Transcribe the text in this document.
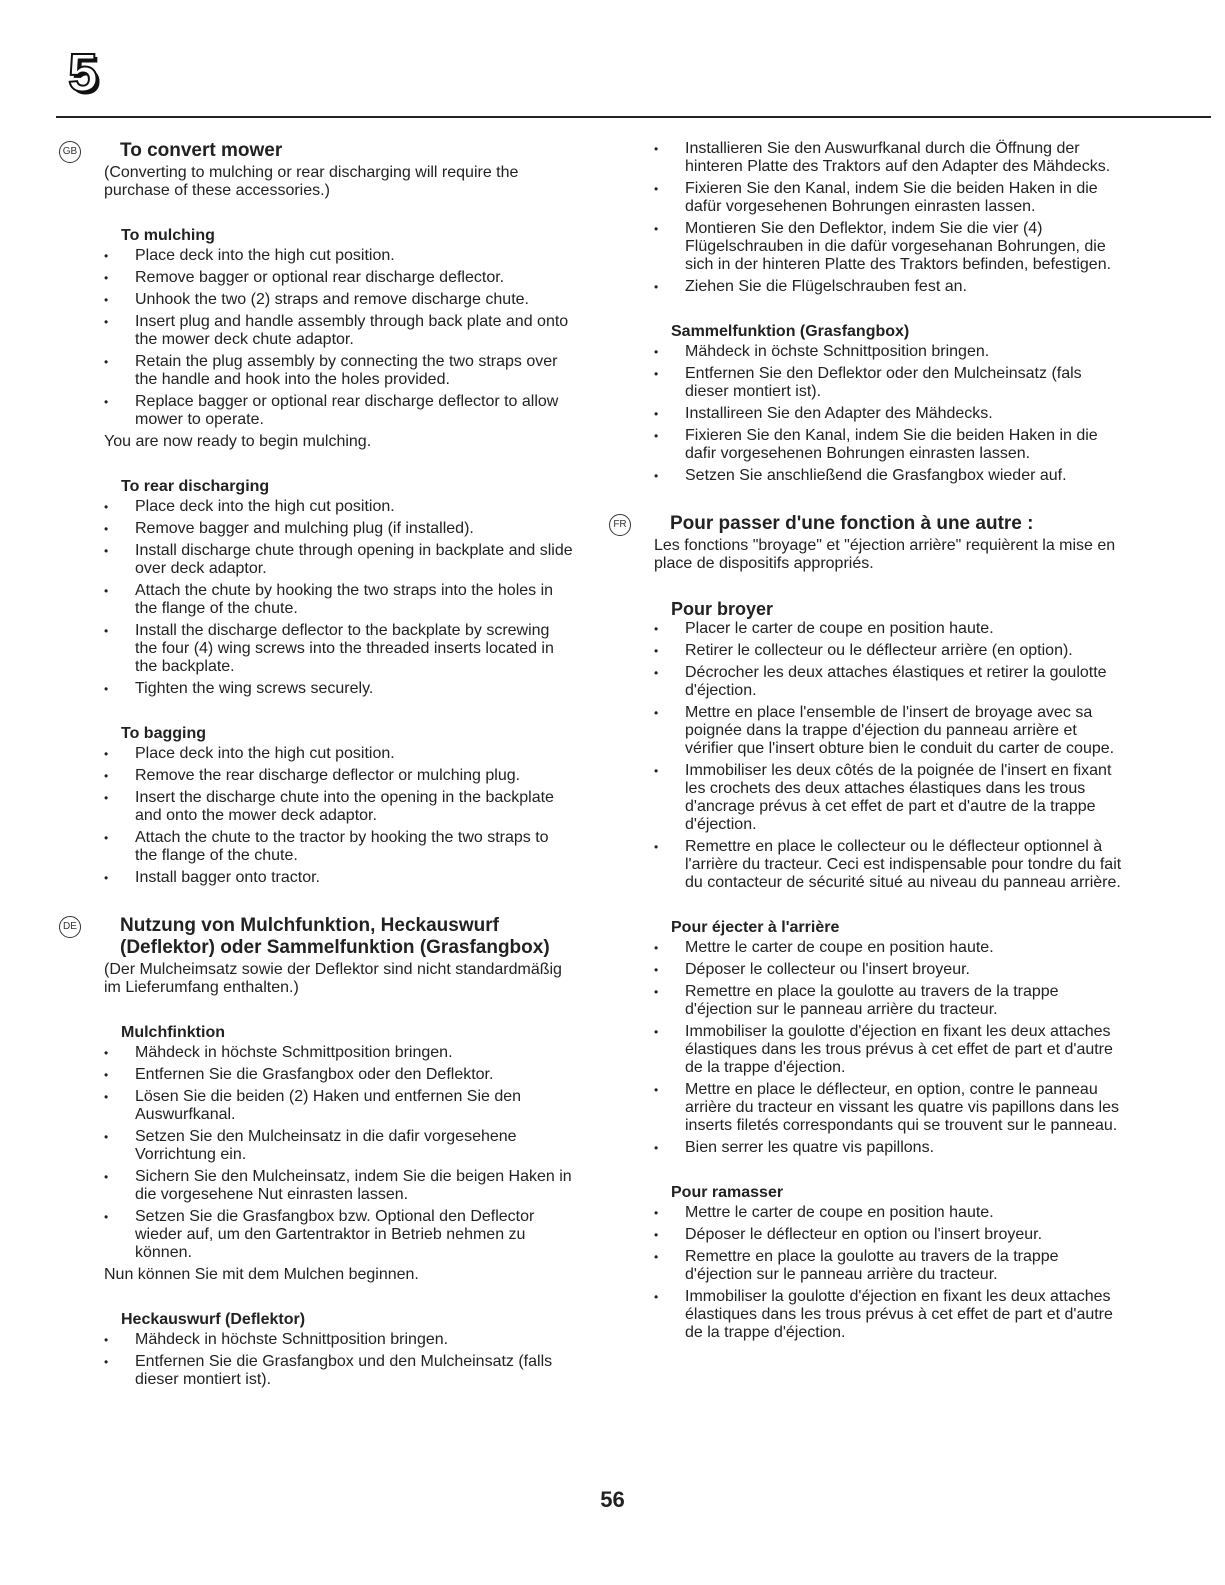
5
GB To convert mower

(Converting to mulching or rear discharging will require the purchase of these accessories.)

To mulching
• Place deck into the high cut position.
• Remove bagger or optional rear discharge deflector.
• Unhook the two (2) straps and remove discharge chute.
• Insert plug and handle assembly through back plate and onto the mower deck chute adaptor.
• Retain the plug assembly by connecting the two straps over the handle and hook into the holes provided.
• Replace bagger or optional rear discharge deflector to allow mower to operate.

You are now ready to begin mulching.

To rear discharging
• Place deck into the high cut position.
• Remove bagger and mulching plug (if installed).
• Install discharge chute through opening in backplate and slide over deck adaptor.
• Attach the chute by hooking the two straps into the holes in the flange of the chute.
• Install the discharge deflector to the backplate by screwing the four (4) wing screws into the threaded inserts located in the backplate.
• Tighten the wing screws securely.
To bagging
• Place deck into the high cut position.
• Remove the rear discharge deflector or mulching plug.
• Insert the discharge chute into the opening in the backplate and onto the mower deck adaptor.
• Attach the chute to the tractor by hooking the two straps to the flange of the chute.
• Install bagger onto tractor.
DE Nutzung von Mulchfunktion, Heckauswurf (Deflektor) oder Sammelfunktion (Grasfangbox)

(Der Mulcheimsatz sowie der Deflektor sind nicht standardmäßig im Lieferumfang enthalten.)

Mulchfinktion
• Mähdeck in höchste Schmittposition bringen.
• Entfernen Sie die Grasfangbox oder den Deflektor.
• Lösen Sie die beiden (2) Haken und entfernen Sie den Auswurfkanal.
• Setzen Sie den Mulcheinsatz in die dafir vorgesehene Vorrichtung ein.
• Sichern Sie den Mulcheinsatz, indem Sie die beigen Haken in die vorgesehene Nut einrasten lassen.
• Setzen Sie die Grasfangbox bzw. Optional den Deflector wieder auf, um den Gartentraktor in Betrieb nehmen zu können.

Nun können Sie mit dem Mulchen beginnen.

Heckauswurf (Deflektor)
• Mähdeck in höchste Schnittposition bringen.
• Entfernen Sie die Grasfangbox und den Mulcheinsatz (falls dieser montiert ist).
• Installieren Sie den Auswurfkanal durch die Öffnung der hinteren Platte des Traktors auf den Adapter des Mähdecks.
• Fixieren Sie den Kanal, indem Sie die beiden Haken in die dafür vorgesehenen Bohrungen einrasten lassen.
• Montieren Sie den Deflektor, indem Sie die vier (4) Flügelschrauben in die dafür vorgesehanan Bohrungen, die sich in der hinteren Platte des Traktors befinden, befestigen.
• Ziehen Sie die Flügelschrauben fest an.
Sammelfunktion (Grasfangbox)
• Mähdeck in öchste Schnittposition bringen.
• Entfernen Sie den Deflektor oder den Mulcheinsatz (fals dieser montiert ist).
• Installireen Sie den Adapter des Mähdecks.
• Fixieren Sie den Kanal, indem Sie die beiden Haken in die dafir vorgesehenen Bohrungen einrasten lassen.
• Setzen Sie anschließend die Grasfangbox wieder auf.
FR Pour passer d'une fonction à une autre :

Les fonctions "broyage" et "éjection arrière" requièrent la mise en place de dispositifs appropriés.

Pour broyer
• Placer le carter de coupe en position haute.
• Retirer le collecteur ou le déflecteur arrière (en option).
• Décrocher les deux attaches élastiques et retirer la goulotte d'éjection.
• Mettre en place l'ensemble de l'insert de broyage avec sa poignée dans la trappe d'éjection du panneau arrière et vérifier que l'insert obture bien le conduit du carter de coupe.
• Immobiliser les deux côtés de la poignée de l'insert en fixant les crochets des deux attaches élastiques dans les trous d'ancrage prévus à cet effet de part et d'autre de la trappe d'éjection.
• Remettre en place le collecteur ou le déflecteur optionnel à l'arrière du tracteur. Ceci est indispensable pour tondre du fait du contacteur de sécurité situé au niveau du panneau arrière.
Pour éjecter à l'arrière
• Mettre le carter de coupe en position haute.
• Déposer le collecteur ou l'insert broyeur.
• Remettre en place la goulotte au travers de la trappe d'éjection sur le panneau arrière du tracteur.
• Immobiliser la goulotte d'éjection en fixant les deux attaches élastiques dans les trous prévus à cet effet de part et d'autre de la trappe d'éjection.
• Mettre en place le déflecteur, en option, contre le panneau arrière du tracteur en vissant les quatre vis papillons dans les inserts filetés correspondants qui se trouvent sur le panneau.
• Bien serrer les quatre vis papillons.
Pour ramasser
• Mettre le carter de coupe en position haute.
• Déposer le déflecteur en option ou l'insert broyeur.
• Remettre en place la goulotte au travers de la trappe d'éjection sur le panneau arrière du tracteur.
• Immobiliser la goulotte d'éjection en fixant les deux attaches élastiques dans les trous prévus à cet effet de part et d'autre de la trappe d'éjection.

56
